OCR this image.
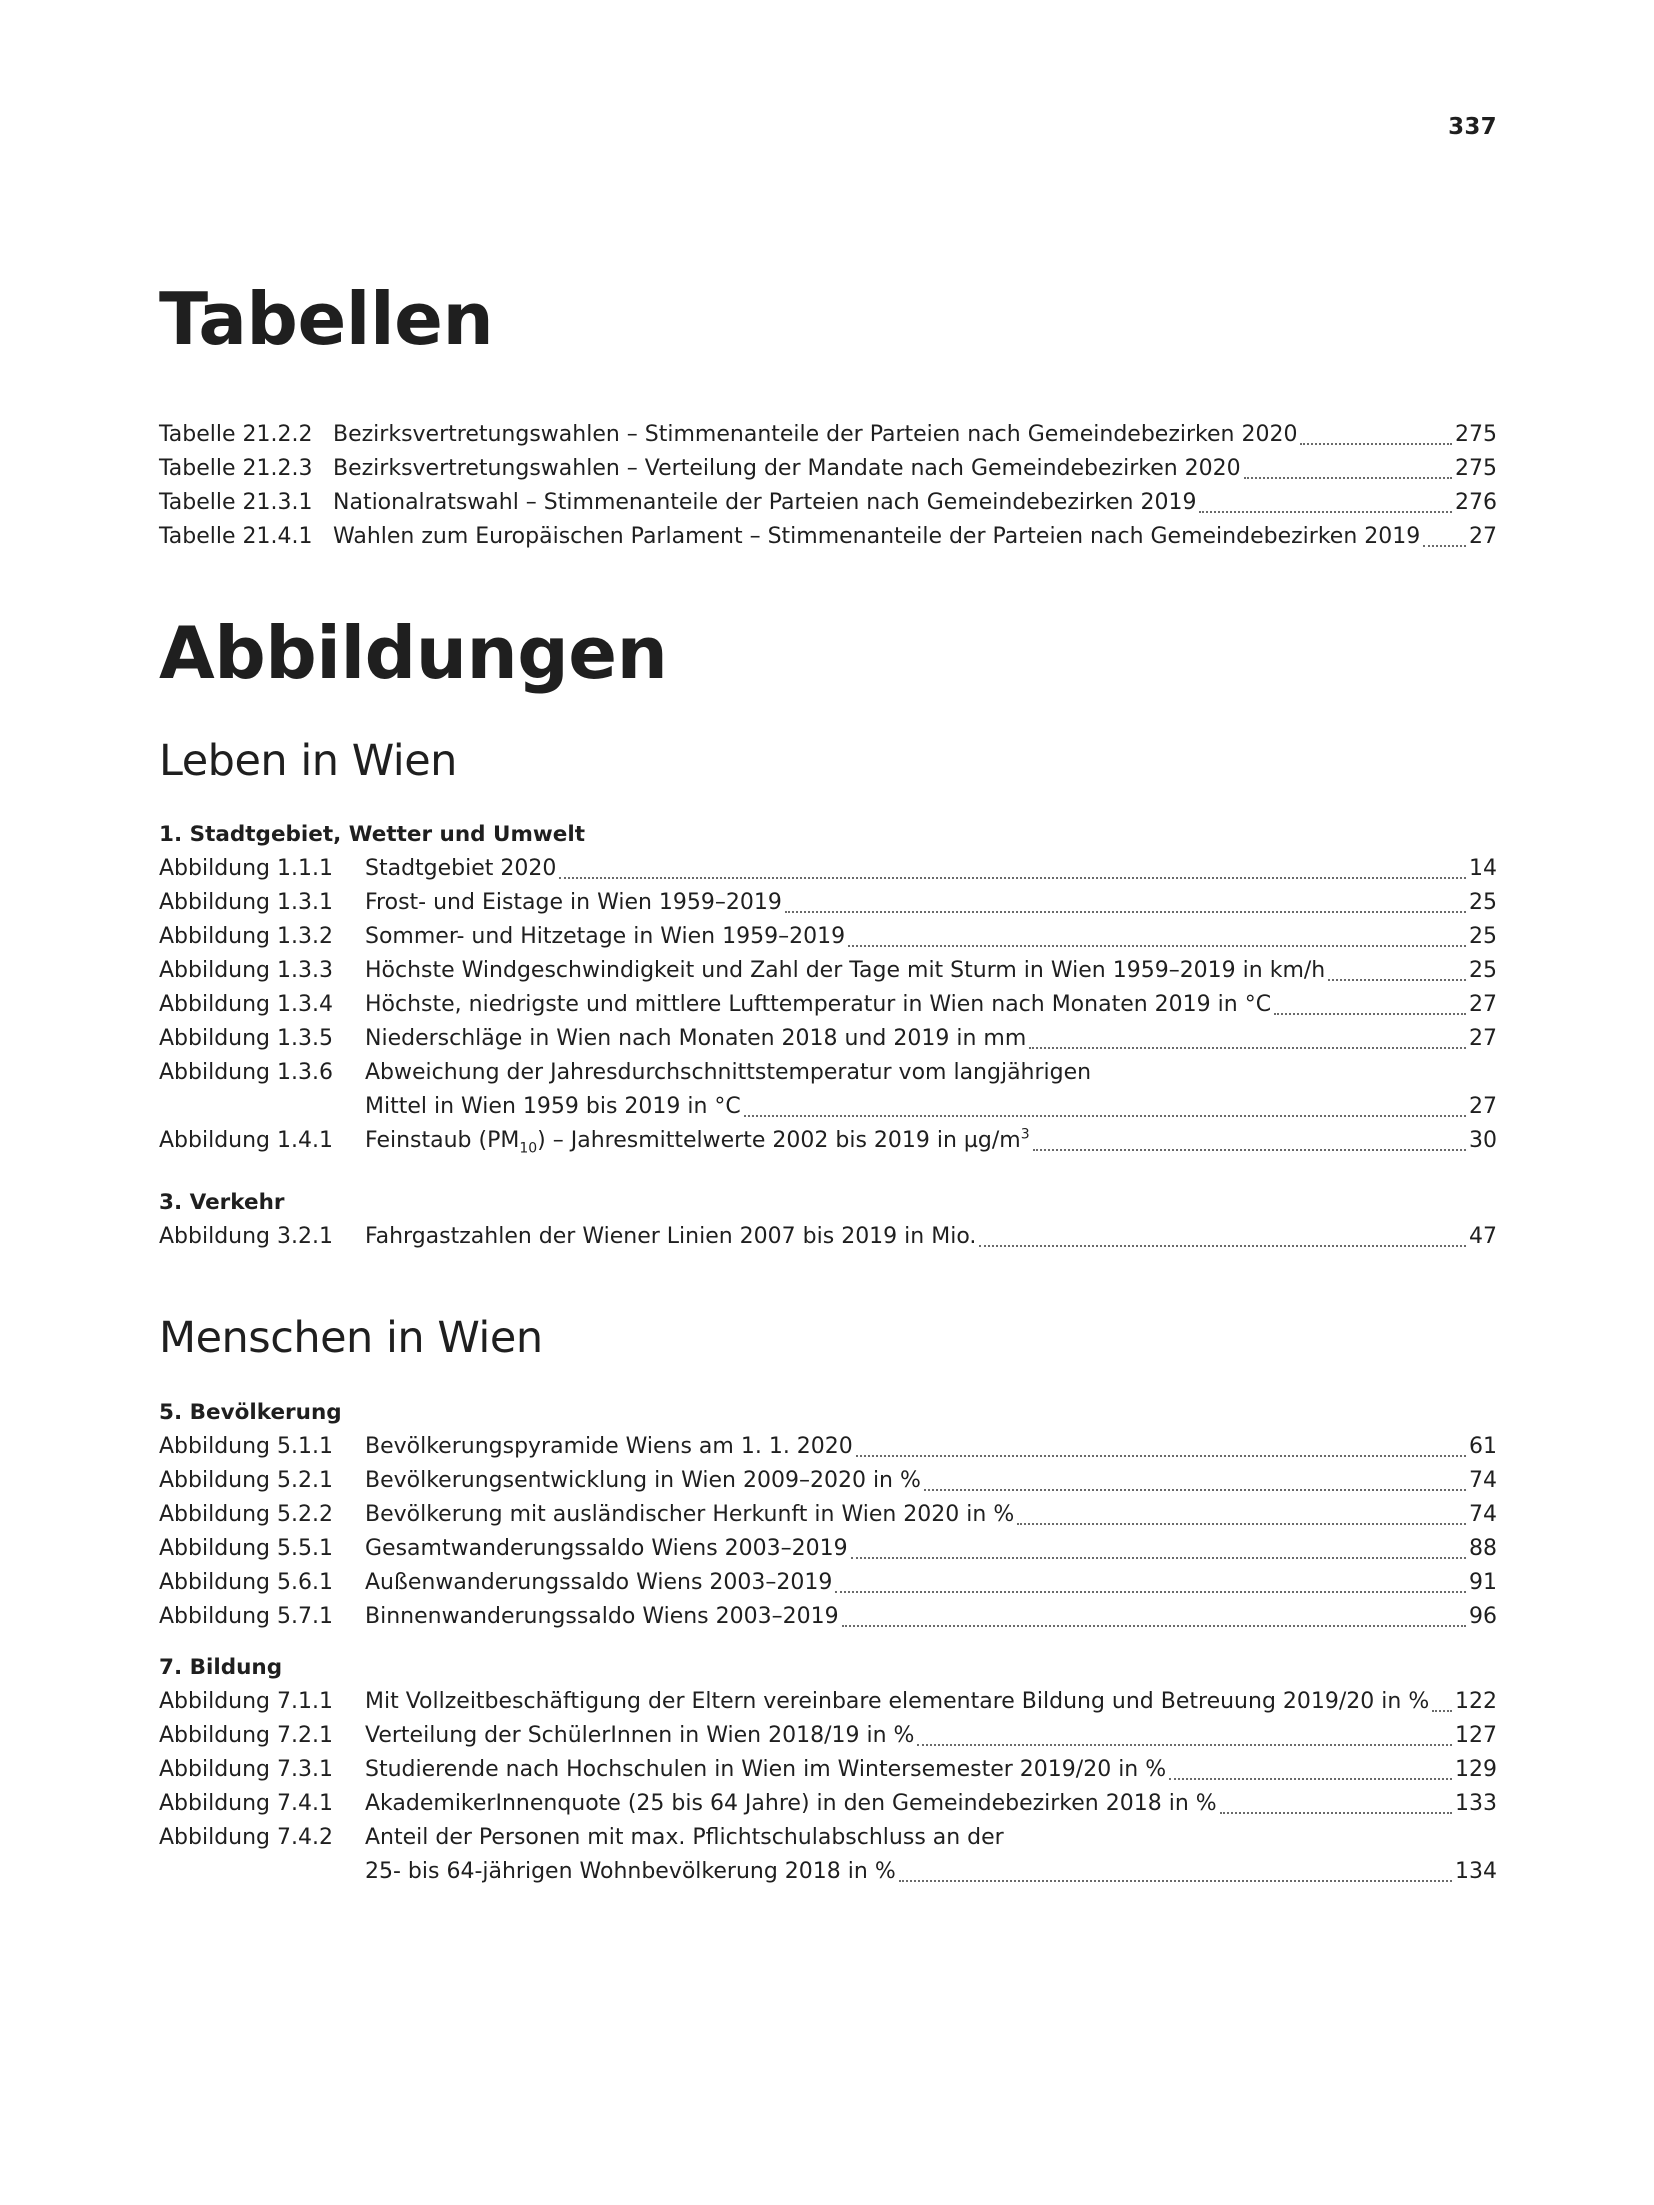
337
Tabellen
Tabelle 21.2.2 Bezirksvertretungswahlen – Stimmenanteile der Parteien nach Gemeindebezirken 2020	275
Tabelle 21.2.3 Bezirksvertretungswahlen – Verteilung der Mandate nach Gemeindebezirken 2020	275
Tabelle 21.3.1 Nationalratswahl – Stimmenanteile der Parteien nach Gemeindebezirken 2019	276
Tabelle 21.4.1 Wahlen zum Europäischen Parlament – Stimmenanteile der Parteien nach Gemeindebezirken 2019 27
Abbildungen
Leben in Wien
1. Stadtgebiet, Wetter und Umwelt
Abbildung 1.1.1	Stadtgebiet 2020	14
Abbildung 1.3.1	Frost- und Eistage in Wien 1959–2019	25
Abbildung 1.3.2	Sommer- und Hitzetage in Wien 1959–2019	25
Abbildung 1.3.3	Höchste Windgeschwindigkeit und Zahl der Tage mit Sturm in Wien 1959–2019 in km/h	25
Abbildung 1.3.4	Höchste, niedrigste und mittlere Lufttemperatur in Wien nach Monaten 2019 in °C	27
Abbildung 1.3.5	Niederschläge in Wien nach Monaten 2018 und 2019 in mm	27
Abbildung 1.3.6	Abweichung der Jahresdurchschnittstemperatur vom langjährigen
Mittel in Wien 1959 bis 2019 in °C	27
Abbildung 1.4.1	Feinstaub $(PM_{10})$ – Jahresmittelwerte 2002 bis 2019 in $\mu g/m^3$	30
3. Verkehr
Abbildung 3.2.1	Fahrgastzahlen der Wiener Linien 2007 bis 2019 in Mio.	47
Menschen in Wien
5. Bevölkerung
Abbildung 5.1.1	Bevölkerungspyramide Wiens am 1. 1. 2020	61
Abbildung 5.2.1	Bevölkerungsentwicklung in Wien 2009–2020 in %	74
Abbildung 5.2.2	Bevölkerung mit ausländischer Herkunft in Wien 2020 in %	74
Abbildung 5.5.1	Gesamtwanderungssaldo Wiens 2003–2019	88
Abbildung 5.6.1	Außenwanderungssaldo Wiens 2003–2019	91
Abbildung 5.7.1	Binnenwanderungssaldo Wiens 2003–2019	96
7. Bildung
Abbildung 7.1.1	Mit Vollzeitbeschäftigung der Eltern vereinbare elementare Bildung und Betreuung 2019/20 in % 122
Abbildung 7.2.1	Verteilung der SchülerInnen in Wien 2018/19 in %	127
Abbildung 7.3.1	Studierende nach Hochschulen in Wien im Wintersemester 2019/20 in %	129
Abbildung 7.4.1	AkademikerInnenquote (25 bis 64 Jahre) in den Gemeindebezirken 2018 in %	133
Abbildung 7.4.2	Anteil der Personen mit max. Pflichtschulabschluss an der
25- bis 64-jährigen Wohnbevölkerung 2018 in %	134
